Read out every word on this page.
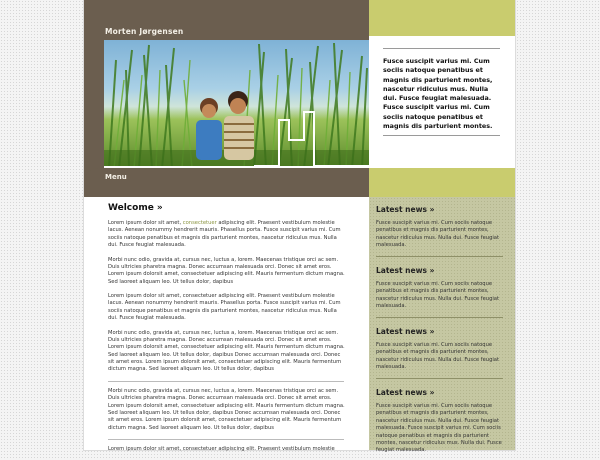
Morten Jørgensen
Menu
Fusce suscipit varius mi. Cum sociis natoque penatibus et magnis dis parturient montes, nascetur ridiculus mus. Nulla dui. Fusce feugiat malesuada. Fusce suscipit varius mi. Cum sociis natoque penatibus et magnis dis parturient montes.
Welcome »

Lorem ipsum dolor sit amet, consectetuer adipiscing elit. Praesent vestibulum molestie lacus. Aenean nonummy hendrerit mauris. Phasellus porta. Fusce suscipit varius mi. Cum sociis natoque penatibus et magnis dis parturient montes, nascetur ridiculus mus. Nulla dui. Fusce feugiat malesuada.

Morbi nunc odio, gravida at, cursus nec, luctus a, lorem. Maecenas tristique orci ac sem. Duis ultricies pharetra magna. Donec accumsan malesuada orci. Donec sit amet eros. Lorem ipsum dolorsit amet, consectetuer adipiscing elit. Mauris fermentum dictum magna. Sed laoreet aliquam leo. Ut tellus dolor, dapibus

Lorem ipsum dolor sit amet, consectetuer adipiscing elit. Praesent vestibulum molestie lacus. Aenean nonummy hendrerit mauris. Phasellus porta. Fusce suscipit varius mi. Cum sociis natoque penatibus et magnis dis parturient montes, nascetur ridiculus mus. Nulla dui. Fusce feugiat malesuada.

Morbi nunc odio, gravida at, cursus nec, luctus a, lorem. Maecenas tristique orci ac sem. Duis ultricies pharetra magna. Donec accumsan malesuada orci. Donec sit amet eros. Lorem ipsum dolorsit amet, consectetuer adipiscing elit. Mauris fermentum dictum magna. Sed laoreet aliquam leo. Ut tellus dolor, dapibus Donec accumsan malesuada orci. Donec sit amet eros. Lorem ipsum dolorsit amet, consectetuer adipiscing elit. Mauris fermentum dictum magna. Sed laoreet aliquam leo. Ut tellus dolor, dapibus

Morbi nunc odio, gravida at, cursus nec, luctus a, lorem. Maecenas tristique orci ac sem. Duis ultricies pharetra magna. Donec accumsan malesuada orci. Donec sit amet eros. Lorem ipsum dolorsit amet, consectetuer adipiscing elit. Mauris fermentum dictum magna. Sed laoreet aliquam leo. Ut tellus dolor, dapibus Donec accumsan malesuada orci. Donec sit amet eros. Lorem ipsum dolorsit amet, consectetuer adipiscing elit. Mauris fermentum dictum magna. Sed laoreet aliquam leo. Ut tellus dolor, dapibus

Lorem ipsum dolor sit amet, consectetuer adipiscing elit. Praesent vestibulum molestie

Latest news »
Fusce suscipit varius mi. Cum sociis natoque penatibus et magnis dis parturient montes, nascetur ridiculus mus. Nulla dui. Fusce feugiat malesuada.
Latest news »
Fusce suscipit varius mi. Cum sociis natoque penatibus et magnis dis parturient montes, nascetur ridiculus mus. Nulla dui. Fusce feugiat malesuada.
Latest news »
Fusce suscipit varius mi. Cum sociis natoque penatibus et magnis dis parturient montes, nascetur ridiculus mus. Nulla dui. Fusce feugiat malesuada.
Latest news »
Fusce suscipit varius mi. Cum sociis natoque penatibus et magnis dis parturient montes, nascetur ridiculus mus. Nulla dui. Fusce feugiat malesuada. Fusce suscipit varius mi. Cum sociis natoque penatibus et magnis dis parturient montes, nascetur ridiculus mus. Nulla dui. Fusce feugiat malesuada.
